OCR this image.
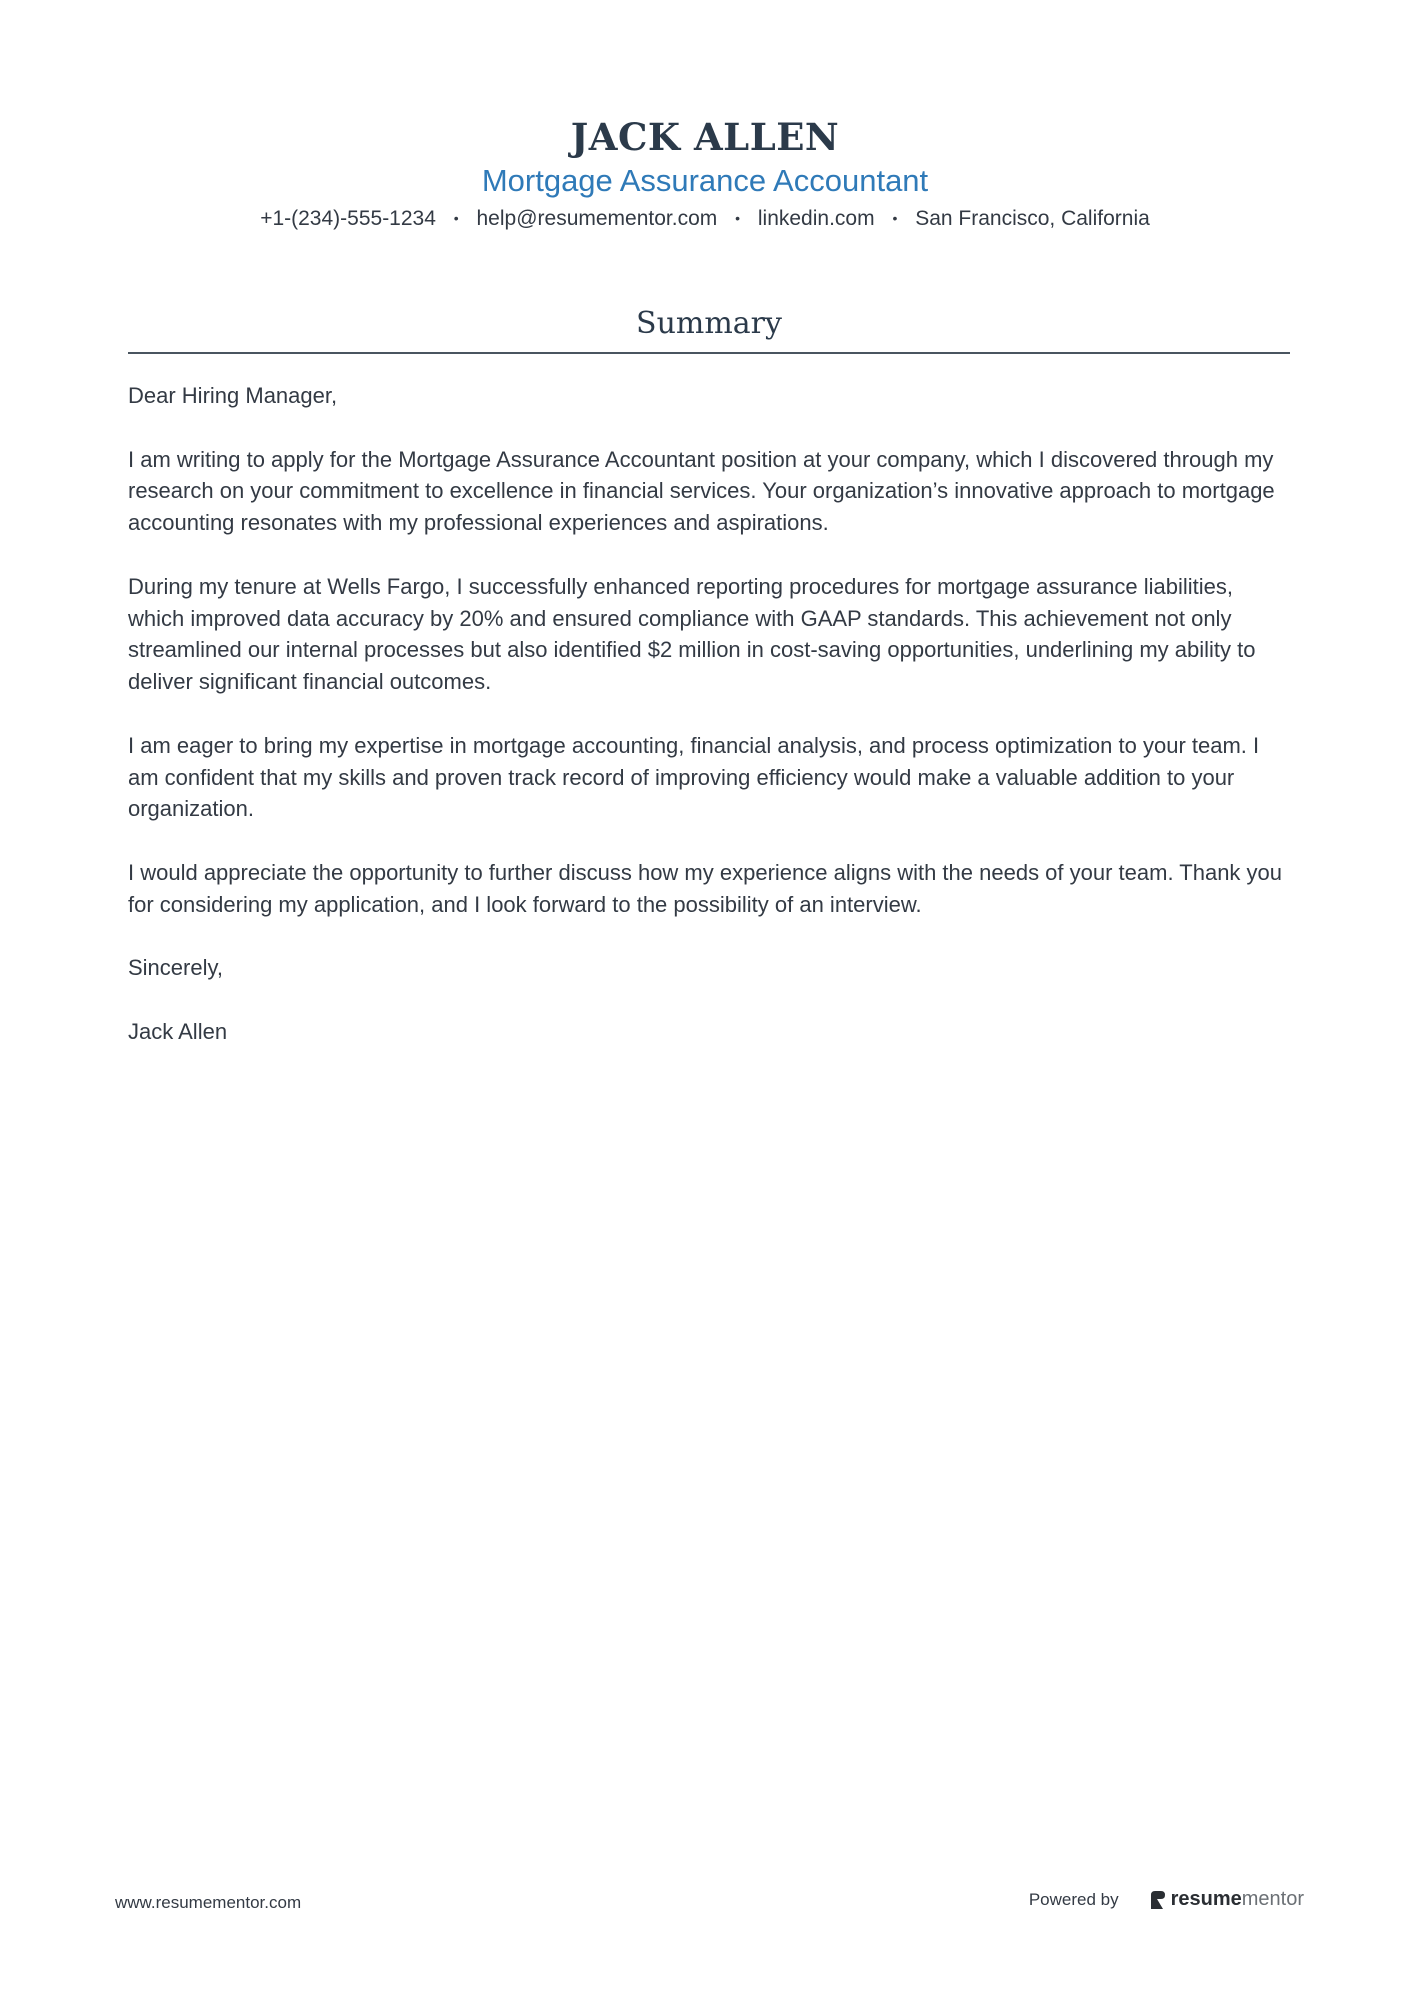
JACK ALLEN
Mortgage Assurance Accountant
+1-(234)-555-1234 • help@resumementor.com • linkedin.com • San Francisco, California
Summary

Dear Hiring Manager,

I am writing to apply for the Mortgage Assurance Accountant position at your company, which I discovered through my research on your commitment to excellence in financial services. Your organization’s innovative approach to mortgage accounting resonates with my professional experiences and aspirations.

During my tenure at Wells Fargo, I successfully enhanced reporting procedures for mortgage assurance liabilities, which improved data accuracy by 20% and ensured compliance with GAAP standards. This achievement not only streamlined our internal processes but also identified $2 million in cost-saving opportunities, underlining my ability to deliver significant financial outcomes.

I am eager to bring my expertise in mortgage accounting, financial analysis, and process optimization to your team. I am confident that my skills and proven track record of improving efficiency would make a valuable addition to your organization.

I would appreciate the opportunity to further discuss how my experience aligns with the needs of your team. Thank you for considering my application, and I look forward to the possibility of an interview.

Sincerely,

Jack Allen

www.resumementor.com	Powered by	resume mentor
